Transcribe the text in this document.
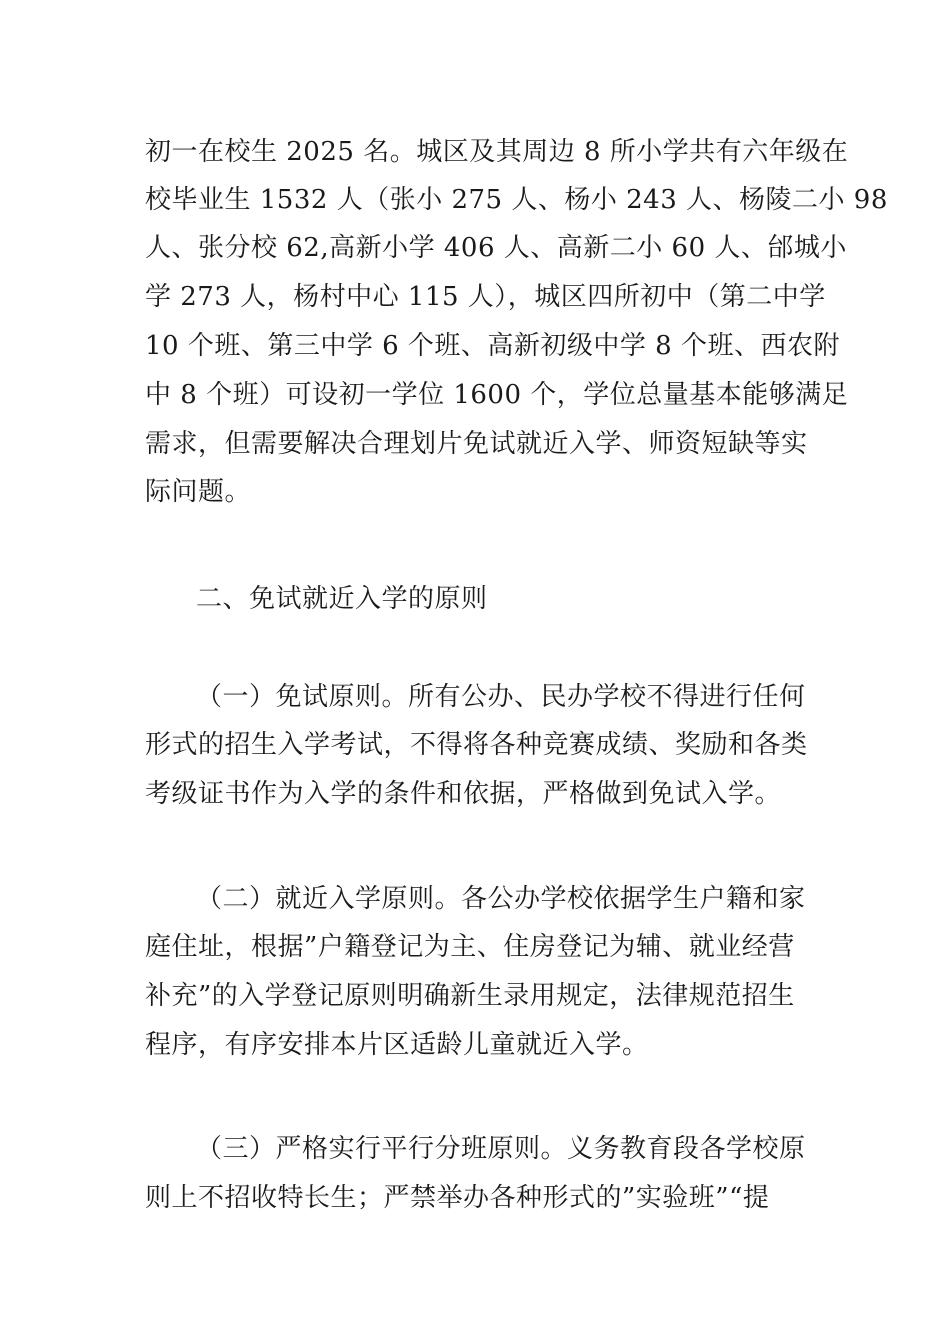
初一在校生 2025 名。城区及其周边 8 所小学共有六年级在
校毕业生 1532 人（张小 275 人、杨小 243 人、杨陵二小 98
人、张分校 62,高新小学 406 人、高新二小 60 人、邰城小
学 273 人，杨村中心 115 人），城区四所初中（第二中学
10 个班、第三中学 6 个班、高新初级中学 8 个班、西农附
中 8 个班）可设初一学位 1600 个，学位总量基本能够满足
需求，但需要解决合理划片免试就近入学、师资短缺等实
际问题。
二、免试就近入学的原则
（一）免试原则。所有公办、民办学校不得进行任何
形式的招生入学考试，不得将各种竞赛成绩、奖励和各类
考级证书作为入学的条件和依据，严格做到免试入学。
（二）就近入学原则。各公办学校依据学生户籍和家
庭住址，根据”户籍登记为主、住房登记为辅、就业经营
补充”的入学登记原则明确新生录用规定，法律规范招生
程序，有序安排本片区适龄儿童就近入学。
（三）严格实行平行分班原则。义务教育段各学校原
则上不招收特长生；严禁举办各种形式的”实验班”“提
